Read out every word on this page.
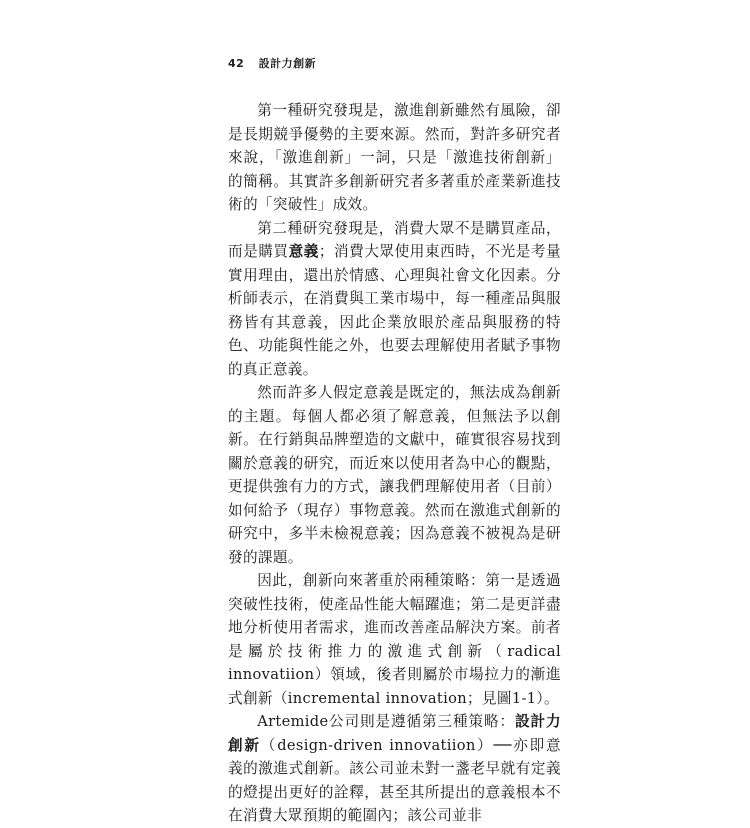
42 設計力創新

第一種研究發現是，激進創新雖然有風險，卻是長期競爭優勢的主要來源。然而，對許多研究者來說，「激進創新」一詞，只是「激進技術創新」的簡稱。其實許多創新研究者多著重於產業新進技術的「突破性」成效。

第二種研究發現是，消費大眾不是購買產品，而是購買意義；消費大眾使用東西時，不光是考量實用理由，還出於情感、心理與社會文化因素。分析師表示，在消費與工業市場中，每一種產品與服務皆有其意義，因此企業放眼於產品與服務的特色、功能與性能之外，也要去理解使用者賦予事物的真正意義。

然而許多人假定意義是既定的，無法成為創新的主題。每個人都必須了解意義，但無法予以創新。在行銷與品牌塑造的文獻中，確實很容易找到關於意義的研究，而近來以使用者為中心的觀點，更提供強有力的方式，讓我們理解使用者（目前）如何給予（現存）事物意義。然而在激進式創新的研究中，多半未檢視意義；因為意義不被視為是研發的課題。

因此，創新向來著重於兩種策略：第一是透過突破性技術，使產品性能大幅躍進；第二是更詳盡地分析使用者需求，進而改善產品解決方案。前者是屬於技術推力的激進式創新（radical innovatiion）領域，後者則屬於市場拉力的漸進式創新（incremental innovation；見圖1-1）。

Artemide公司則是遵循第三種策略：設計力創新（design-driven innovatiion）──亦即意義的激進式創新。該公司並未對一盞老早就有定義的燈提出更好的詮釋，甚至其所提出的意義根本不在消費大眾預期的範圍內；該公司並非
